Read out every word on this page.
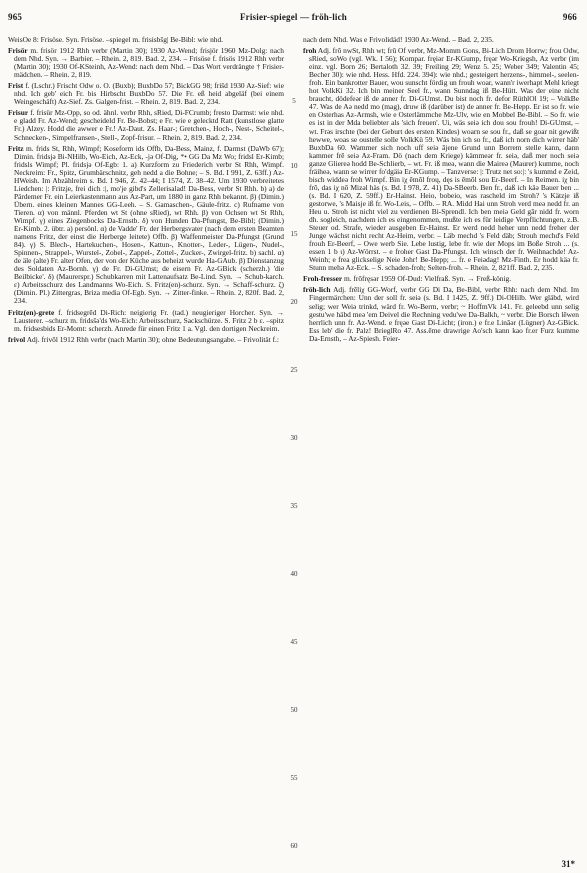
965	Frisier-spiegel — fröh-lich	966

WeisOe 8: Frisöse. Syn. Frisöse. –spiegel m. frisisbšg| Be-Bibl: wie nhd.

Frisör m. frisör 1912 Rhh verbr (Martin 30); 1930 Az-Wend; frisjör 1960 Mz-Dolg: nach dem Nhd. Syn. → Barbier. – Rhein. 2, 819. Bad. 2, 234. – Frisöse f. frisös 1912 Rhh verbr (Martin 30); 1930 Of-KSteinh, Az-Wend: nach dem Nhd. – Das Wort verdrängte † Frisier-mädchen. – Rhein. 2, 819.

Frist f. (Lschr.) Frischt Odw o. O. (Buxb); BuxbDo 57; BickGG 98; frišd 1930 Az-Sief: wie nhd. Ich geb' eich Fr. bis Hirbscht BuxbDo 57. Die Fr. eß heid abgeläf (bei einem Weingeschäft) Az-Sief. Zs. Galgen-frist. – Rhein. 2, 819. Bad. 2, 234.

Frisur f. frisür Mz-Opp, so od. ähnl. verbr Rhh, sRied, Di-FCrumb; fresto Darmst: wie nhd. e gladd Fr. Az-Wend; gescheideld Fr. Be-Bobst; e Fr. wie e gelecktd Ratt (kunstlose glatte Fr.) Alzey. Hodd die awwer e Fr.! Az-Daut. Zs. Haar-; Gretchen-, Hoch-, Nest-, Scheitel-, Schnecken-, Simpelfransen-, Stell-, Zopf-frisur. – Rhein. 2, 819. Bad. 2, 234.

Fritz m. frids St, Rhh, Wimpf; Koseform ids Offb, Da-Bess, Mainz, f. Darmst (DaWb 67); Dimin. fridsjə Bi-NHilb, Wo-Eich, Az-Eck, -jə Of-Dig, *• GG Da Mz Wo; fridsl Er-Kimb; fridsls Wimpf; Pl. fridsjə Of-Egb: 1. a) Kurzform zu Friederich verbr St Rhh, Wimpf. Neckreim: Fr., Spitz, Grumbärschnitz, geh nedd a die Bohne; – S. Bd. I 991, Z. 63ff.) Az-HWeish. Im Abzählreim s. Bd. I 946, Z. 42–44; I 1574, Z. 38–42. Um 1930 verbreitetes Liedchen: |: Fritzje, frei dich :|, mo'je gibd's Zellerisalad! Da-Bess, verbr St Rhh. b) a) de Pärdemer Fr. ein Leierkastenmann aus Az-Part, um 1880 in ganz Rhh bekannt. β) (Dimin.) Übern. eines kleinen Mannes GG-Leeh. – S. Gamaschen-, Gäule-fritz. c) Rufname von Tieren. α) von männl. Pferden wt St (ohne sRied), wt Rhh. β) von Ochsen wt St Rhh, Wimpf. γ) eines Ziegenbocks Da-Ernstb. δ) von Hunden Da-Pfungst, Be-Bibl; (Dimin.) Er-Kimb. 2. übtr. a) persönl. α) de Vadde' Fr. der Herbergsvater (nach dem ersten Beamten namens Fritz, der einst die Herberge leitete) Offb. β) Waffenmeister Da-Pfungst (Grund 84). γ) S. Blech-, Hartekuchen-, Hosen-, Kattun-, Knotter-, Leder-, Lügen-, Nudel-, Spinnen-, Strappel-, Wurstel-, Zobel-, Zappel-, Zottel-, Zucker-, Zwirgel-fritz. b) sachl. α) de äle (alte) Fr. alter Ofen, der von der Küche aus beheizt wurde Ha-GAub. β) Dienstanzug des Soldaten Az-Bornh. γ) de Fr. Di-GUmst; de eisern Fr. Az-GBick (scherzh.) 'die Beilbicke'. δ) (Maurerspr.) Schubkarren mit Lattenaufsatz Be-Lind. Syn. → Schub-karch. ε) Arbeitsschurz des Landmanns Wo-Eich. S. Fritz(en)-schurz. Syn. → Schaff-schurz. ζ) (Dimin. Pl.) Zittergras, Briza media Of-Egb. Syn. → Zitter-finke. – Rhein. 2, 820f. Bad. 2, 234.

Fritz(en)-grete f. fridsegrēd Di-Rich: neigierig Fr. (tad.) neugieriger Horcher. Syn. → Lausterer. –schurz m. fridsšə'ds Wo-Eich: Arbeitsschurz, Sackschürze. S. Fritz 2 b ε. –spitz m. fridsesbids Er-Momt: scherzh. Anrede für einen Fritz 1 a. Vgl. den dortigen Neckreim.

frivol Adj. frivōl 1912 Rhh verbr (nach Martin 30); ohne Bedeutungsangabe. – Frivolität f.:

nach dem Nhd. Was e Frivolidäd! 1930 Az-Wend. – Bad. 2, 235.

froh Adj. frō nwSt, Rhh wt; frū Of verbr, Mz-Momm Gons, Bi-Lich Drom Horrw; frou Odw, sRied, soWo (vgl. Wk. I 56); Kompar. fręiər Er-KGump, fręər Wo-Kriegsh, Az verbr (im einz. vgl. Born 26; Bertaloth 32. 39; Freiling 29; Wenz 5. 25; Weber 349; Valentin 45; Becher 30): wie nhd. Hess. Hfd. 224. 394): wie nhd.; gesteigert herzens-, himmel-, seelen-froh. Ein bankrotter Bauer, wou sunscht fördig un frouh woar, wann'r iwerhapt Mehl kriegt hot VolkKi 32. Ich bin meiner Seel fr., wann Sunndag iß Be-Hütt. Was der eine nicht braucht, dödefeər iß de anner fr. Di-GUmst. Du bist noch fr. defor RüthlOl 19; – VolkBe 47. Was de Aə nedd mo (mag), druw iß (darüber ist) de anner fr. Be-Hepp. Er ist so fr. wie en Osterhas Az-Armsh, wie e Osterlämmche Mz-Ulv, wie en Mobbel Be-Bibl. – So fr. wie es ist in der Mda beliebter als 'sich freuen'. Ui, wäs seiə ich dou sou frouh! Di-GUmst, – wt. Frəs irschte (bei der Geburt des ersten Kindes) woarn se sou fr., daß se goar nit gewißt hewwe, woas se oustelle solle VolkKü 59. Wäs bin ich so fr., daß ich norn dich wirrer häb' BuxbDa 60. Wammer sich noch uff seiə ājene Grund unn Borrem stelle kann, dann kammer frē seiə Az-Fram. Dö (nach dem Kriege) kämmeər fr. seiə, daß mer noch seiə ganze Gliereə hodd Be-Schlierb, – wt. Fr. iß meə, wann die Maireə (Maurer) kumme, noch fräiheə, wann se wirrer fo'dgäiə Er-KGump. – Tanzverse: |: Trutz net so:|: 's kummd e Zeid, bisch widdeə froh Wimpf. Bin iχ ēmōl froų, dęs is ēmōl sou Er-Beerf. – In Reimen. iχ bin frō, das iχ nō Mizəl häs (s. Bd. I 978, Z. 41) Da-SBeerb. Ben fr., daß ich käə Bauer ben ... (s. Bd. I 620, Z. 59ff.) Er-Hainst. Heio, bobeio, was rascheld im Stroh? 's Kätzje iß gestorwe, 's Maisje iß fr. Wo-Leis, – Offb. – RA. Midd Hai unn Stroh verd meə nedd fr. an Heu u. Stroh ist nicht viel zu verdienen Bi-Sprendl. Ich ben meiə Geld gār nidd fr. worn dh. sogleich, nachdem ich es eingenommen, mußte ich es für leidige Verpflichtungen, z.B. Steuer od. Strafe, wieder ausgeben Er-Hainst. Er werd nedd heher unn nedd freher der Junge wächst nicht recht Az-Heim, verbr. – Läb mechd 's Feld däb; Strouh mechd's Feld frouh Er-Beerf, – Owe werb Sie. Lebe lustig, lebe fr. wie der Mops im Boße Stroh ... (s. essen 1 b ι) Az-Wörrst. – e froher Gast Da-Pfungst. Ich winsch der fr. Weihnachde! Az-Weinh; e frea glickselige Neie Johr! Be-Hepp; ... fr. e Feiədag! Mz-Finth. Er hodd käə fr. Stunn mehə Az-Eck. – S. schaden-froh; Selten-froh. – Rhein. 2, 821ff. Bad. 2, 235.

Froh-fresser m. frōfręsər 1959 Of-Dud: Vielfraß. Syn. → Freß-könig.

fröh-lich Adj. frēliχ GG-Worf, verbr GG Di Da, Be-Bibl, verbr Rhh: nach dem Nhd. Im Fingermärchen: Unn der soll fr. seiə (s. Bd. I 1425, Z. 9ff.) Di-OHilb. Wer gläbd, wird selig; wer Weiə trinkd, wärd fr. Wo-Berm, verbr; ~ HoffmVk 141. Fr. geleebd unn selig gestu'we häbd meə 'em Deivel die Rechning vedu'we Da-Balkh, ~ verbr. Die Borsch lēwen herrlich unn fr. Az-Wend. e fręəe Gast Di-Licht; (iron.) e fr.e Lināər (Lügner) Az-GBick. Ess leb' die fr. Palz! BrieglRo 47. Ass.ēme drawrige Ao'sch kann kao fr.er Furz kumme Da-Ernsth, – Az-Spiesh. Feier-

5
10
15
20
25
30
35
40
45
50
55
60
31*
